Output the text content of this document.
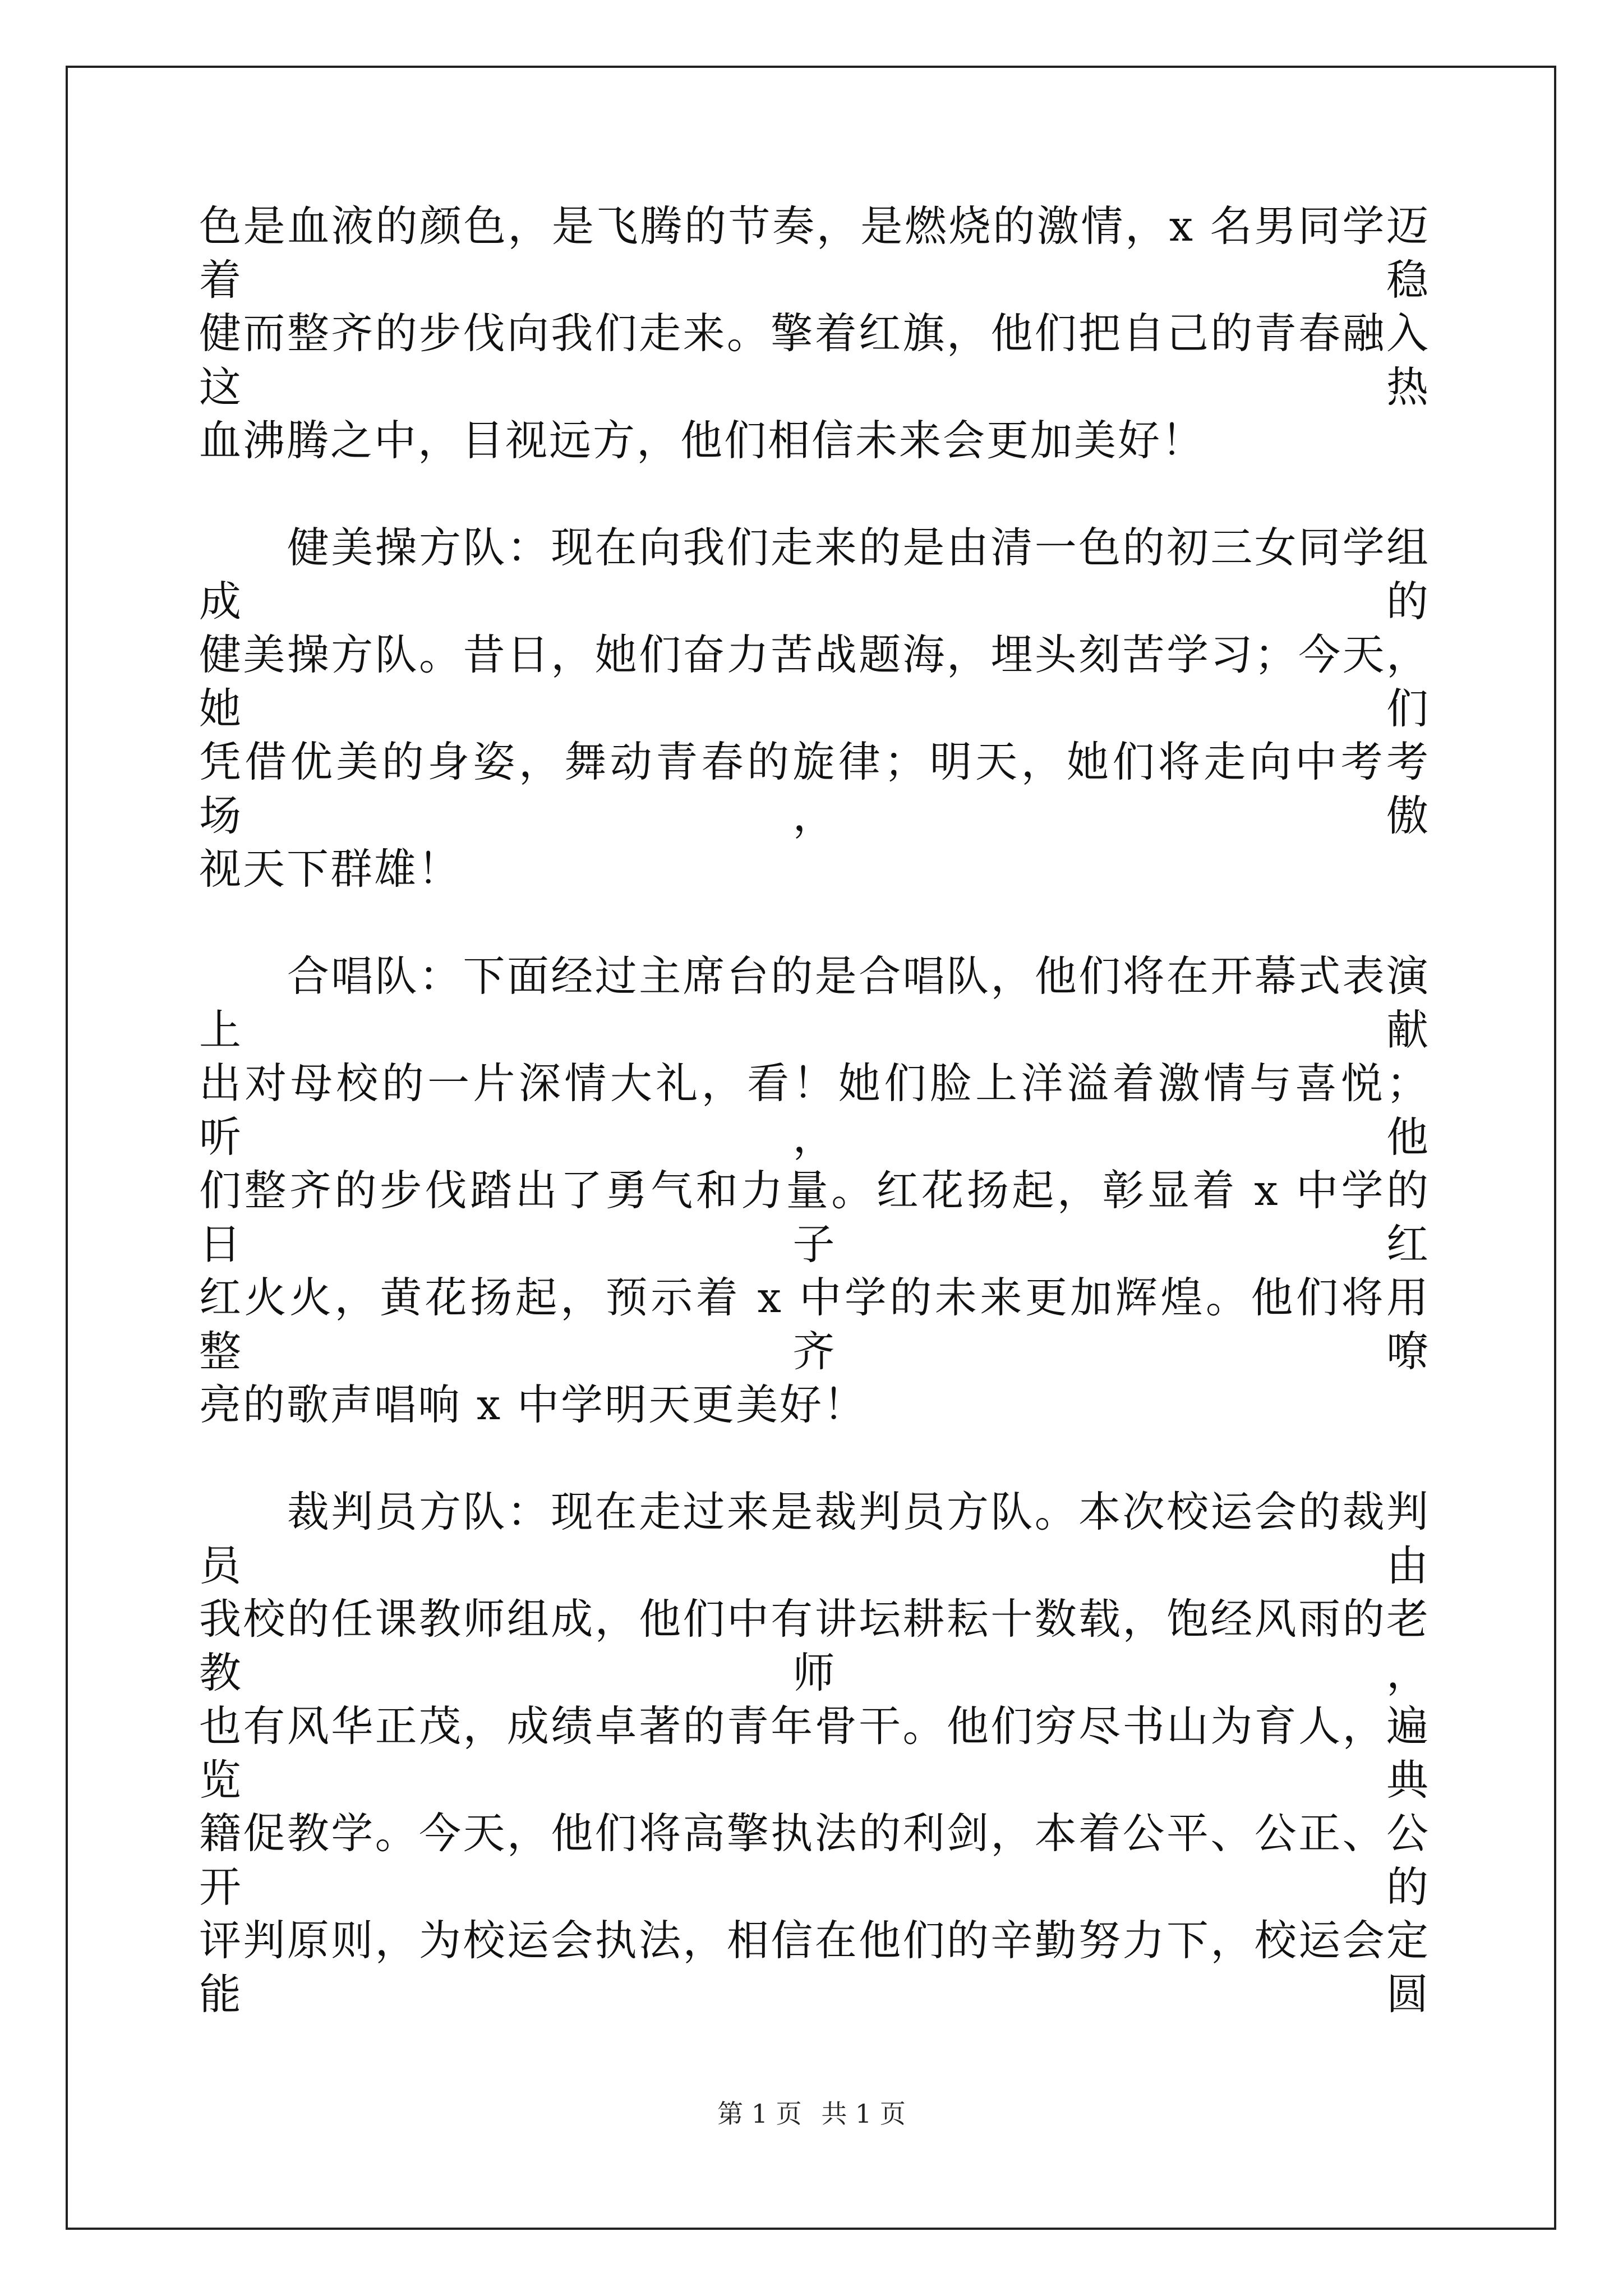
色是血液的颜色，是飞腾的节奏，是燃烧的激情，x 名男同学迈着稳
健而整齐的步伐向我们走来。擎着红旗，他们把自己的青春融入这热
血沸腾之中，目视远方，他们相信未来会更加美好！
　　健美操方队：现在向我们走来的是由清一色的初三女同学组成的
健美操方队。昔日，她们奋力苦战题海，埋头刻苦学习；今天，她们
凭借优美的身姿，舞动青春的旋律；明天，她们将走向中考考场，傲
视天下群雄！
　　合唱队：下面经过主席台的是合唱队，他们将在开幕式表演上献
出对母校的一片深情大礼，看！她们脸上洋溢着激情与喜悦；听，他
们整齐的步伐踏出了勇气和力量。红花扬起，彰显着 x 中学的日子红
红火火，黄花扬起，预示着 x 中学的未来更加辉煌。他们将用整齐嘹
亮的歌声唱响 x 中学明天更美好！
　　裁判员方队：现在走过来是裁判员方队。本次校运会的裁判员由
我校的任课教师组成，他们中有讲坛耕耘十数载，饱经风雨的老教师，
也有风华正茂，成绩卓著的青年骨干。他们穷尽书山为育人，遍览典
籍促教学。今天，他们将高擎执法的利剑，本着公平、公正、公开的
评判原则，为校运会执法，相信在他们的辛勤努力下，校运会定能圆
第 1 页 共 1 页
